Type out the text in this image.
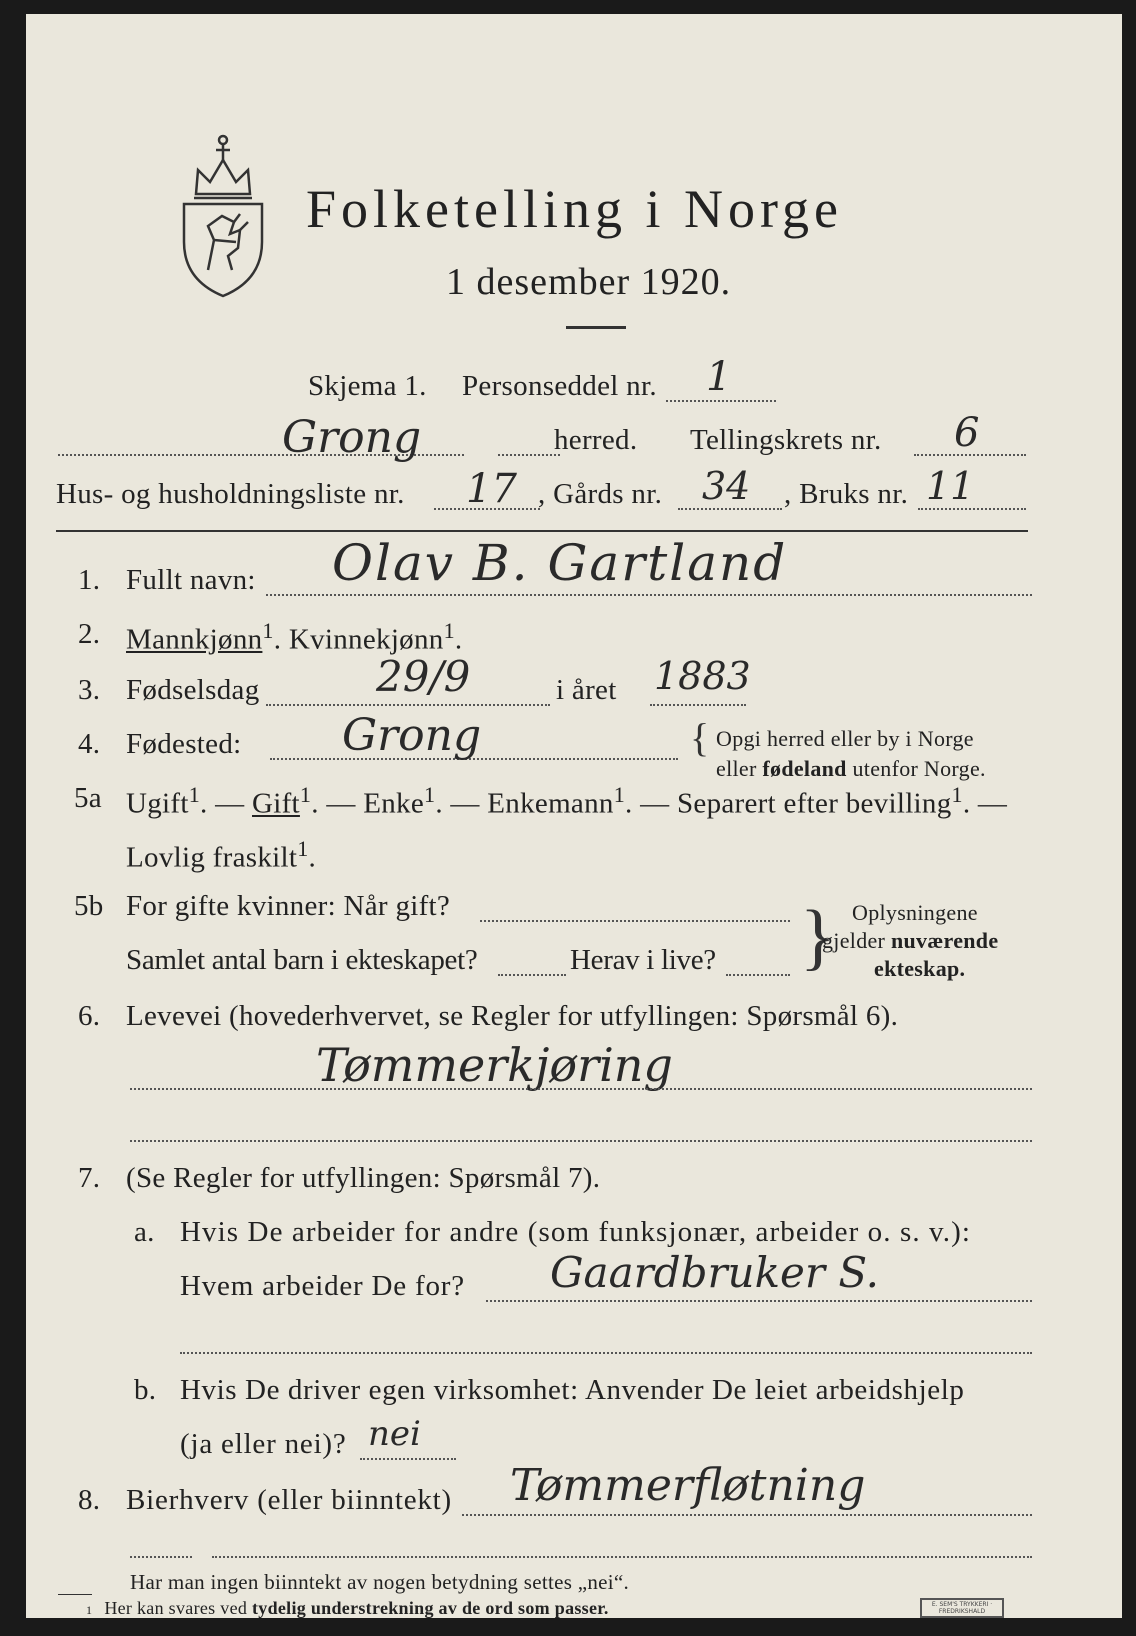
Folketelling i Norge
1 desember 1920.
Skjema 1. Personseddel nr. 1
Grong	herred. Tellingskrets nr. 6
Hus- og husholdningsliste nr. 17 , Gårds nr. 34 , Bruks nr. 11
1. Fullt navn: Olav B. Gartland
2. Mannkjønn$^1$. Kvinnekjønn$^1$.
3. Fødselsdag	29/9	i året 1883
4. Fødested: Grong	{ Opgi herred eller by i Norge
eller fødeland utenfor Norge.
5a Ugift$^1$. — Gift$^1$. — Enke$^1$. — Enkemann$^1$. — Separert efter bevilling$^1$. —
Lovlig fraskilt$^1$.
5b For gifte kvinner: Når gift?
Samlet antal barn i ekteskapet?	Herav i live? } Oplysningene
gjelder nuværende
ekteskap.
6. Levevei (hovederhvervet, se Regler for utfyllingen: Spørsmål 6).
Tømmerkjøring
7. (Se Regler for utfyllingen: Spørsmål 7).
a. Hvis De arbeider for andre (som funksjonær, arbeider o. s. v.):
Hvem arbeider De for? Gaardbruker S.
b. Hvis De driver egen virksomhet: Anvender De leiet arbeidshjelp
(ja eller nei)? nei
8. Bierhverv (eller biinntekt) Tømmerfløtning
Har man ingen biinntekt av nogen betydning settes „nei“.
1 Her kan svares ved tydelig understrekning av de ord som passer.	E. SEM'S TRYKKERI · FREDRIKSHALD
